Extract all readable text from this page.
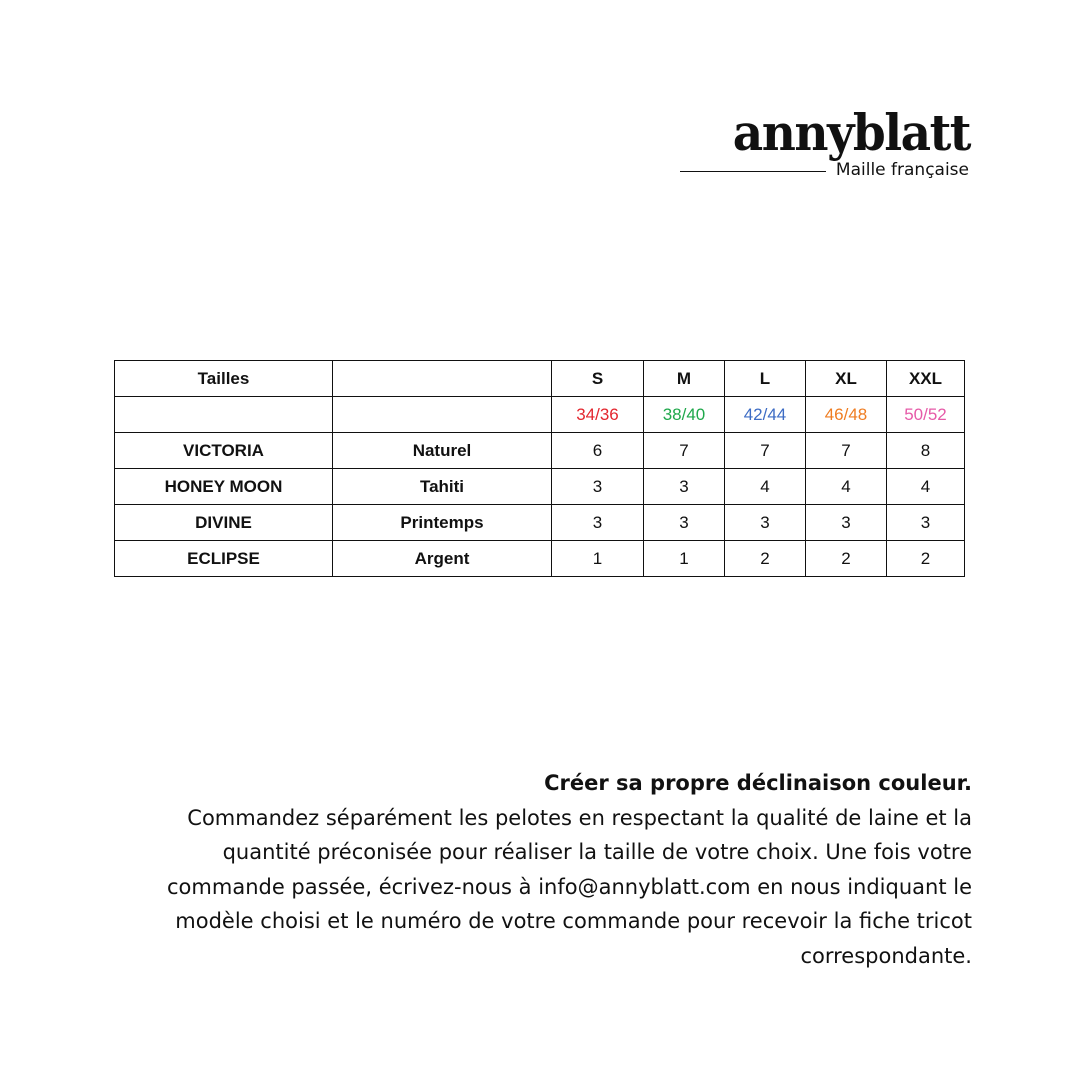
annyblatt
Maille française
Tailles		S	M	L	XL	XXL
		34/36	38/40	42/44	46/48	50/52
VICTORIA	Naturel	6	7	7	7	8
HONEY MOON	Tahiti	3	3	4	4	4
DIVINE	Printemps	3	3	3	3	3
ECLIPSE	Argent	1	1	2	2	2
Créer sa propre déclinaison couleur.
Commandez séparément les pelotes en respectant la qualité de laine et la quantité préconisée pour réaliser la taille de votre choix. Une fois votre commande passée, écrivez-nous à info@annyblatt.com en nous indiquant le modèle choisi et le numéro de votre commande pour recevoir la fiche tricot correspondante.
